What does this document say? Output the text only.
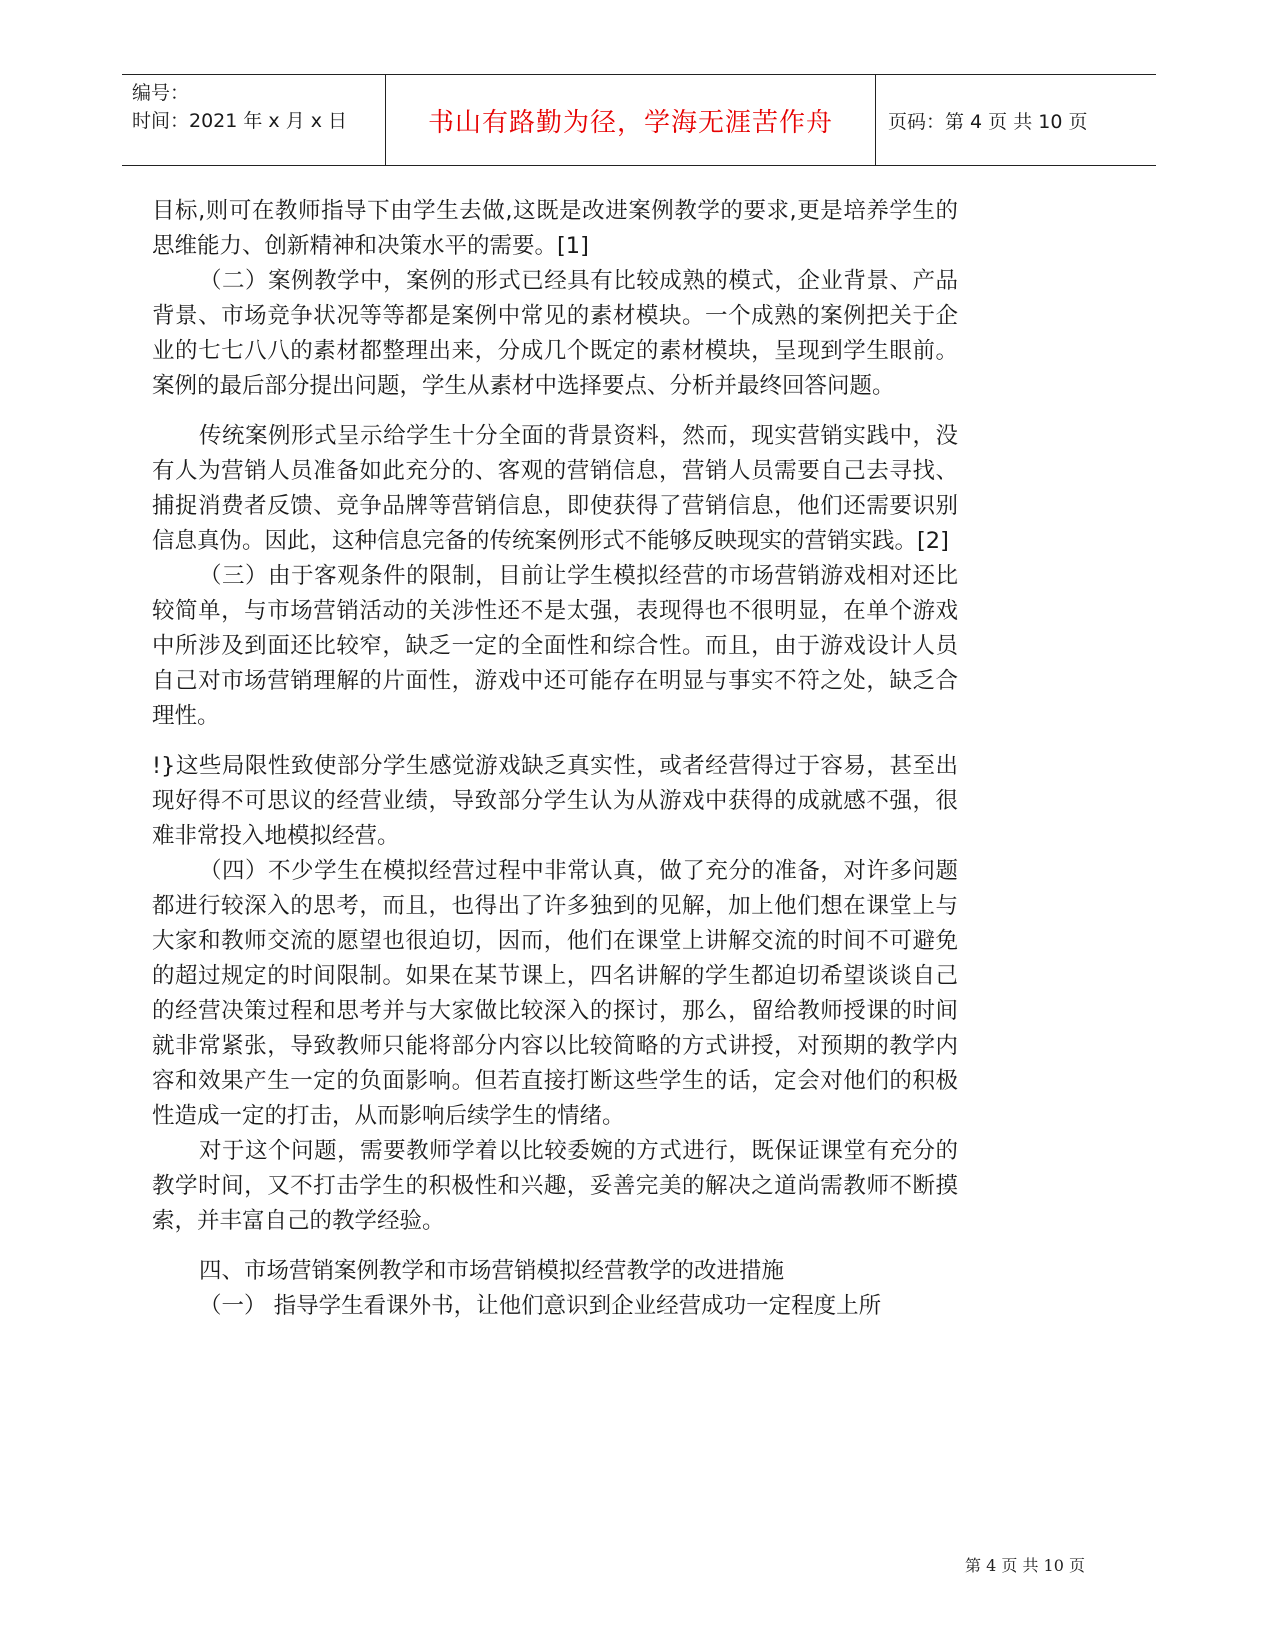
编号：
时间：2021 年 x 月 x 日	书山有路勤为径，学海无涯苦作舟	页码：第 4 页 共 10 页

目标,则可在教师指导下由学生去做,这既是改进案例教学的要求,更是培养学生的思维能力、创新精神和决策水平的需要。[1]

（二）案例教学中，案例的形式已经具有比较成熟的模式，企业背景、产品背景、市场竞争状况等等都是案例中常见的素材模块。一个成熟的案例把关于企业的七七八八的素材都整理出来，分成几个既定的素材模块，呈现到学生眼前。案例的最后部分提出问题，学生从素材中选择要点、分析并最终回答问题。

传统案例形式呈示给学生十分全面的背景资料，然而，现实营销实践中，没有人为营销人员准备如此充分的、客观的营销信息，营销人员需要自己去寻找、捕捉消费者反馈、竞争品牌等营销信息，即使获得了营销信息，他们还需要识别信息真伪。因此，这种信息完备的传统案例形式不能够反映现实的营销实践。[2]

（三）由于客观条件的限制，目前让学生模拟经营的市场营销游戏相对还比较简单，与市场营销活动的关涉性还不是太强，表现得也不很明显，在单个游戏中所涉及到面还比较窄，缺乏一定的全面性和综合性。而且，由于游戏设计人员自己对市场营销理解的片面性，游戏中还可能存在明显与事实不符之处，缺乏合理性。

!}这些局限性致使部分学生感觉游戏缺乏真实性，或者经营得过于容易，甚至出现好得不可思议的经营业绩，导致部分学生认为从游戏中获得的成就感不强，很难非常投入地模拟经营。

（四）不少学生在模拟经营过程中非常认真，做了充分的准备，对许多问题都进行较深入的思考，而且，也得出了许多独到的见解，加上他们想在课堂上与大家和教师交流的愿望也很迫切，因而，他们在课堂上讲解交流的时间不可避免的超过规定的时间限制。如果在某节课上，四名讲解的学生都迫切希望谈谈自己的经营决策过程和思考并与大家做比较深入的探讨，那么，留给教师授课的时间就非常紧张，导致教师只能将部分内容以比较简略的方式讲授，对预期的教学内容和效果产生一定的负面影响。但若直接打断这些学生的话，定会对他们的积极性造成一定的打击，从而影响后续学生的情绪。

对于这个问题，需要教师学着以比较委婉的方式进行，既保证课堂有充分的教学时间，又不打击学生的积极性和兴趣，妥善完美的解决之道尚需教师不断摸索，并丰富自己的教学经验。

四、市场营销案例教学和市场营销模拟经营教学的改进措施

（一） 指导学生看课外书，让他们意识到企业经营成功一定程度上所

第 4 页 共 10 页
